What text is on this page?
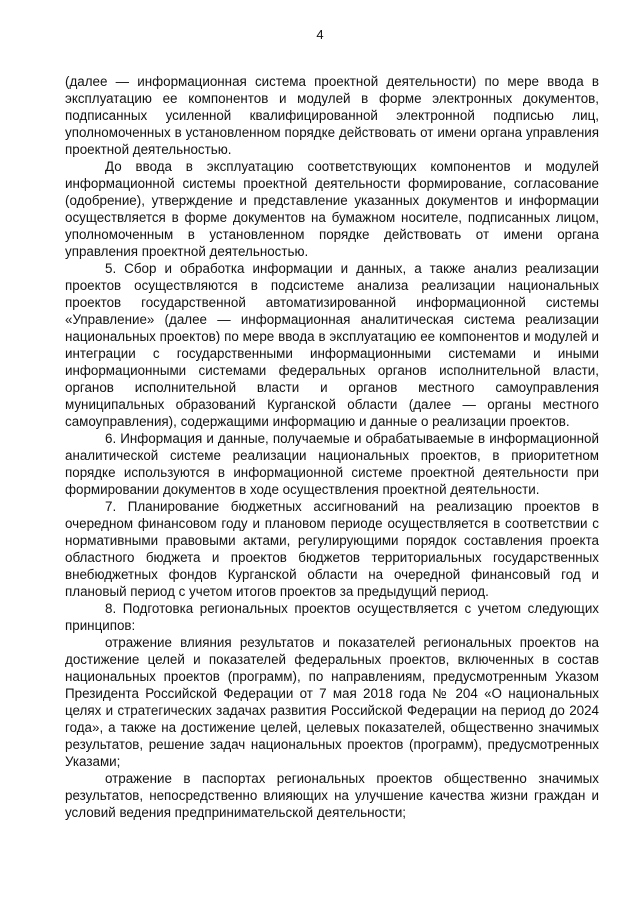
4

(далее — информационная система проектной деятельности) по мере ввода в эксплуатацию ее компонентов и модулей в форме электронных документов, подписанных усиленной квалифицированной электронной подписью лиц, уполномоченных в установленном порядке действовать от имени органа управления проектной деятельностью.

До ввода в эксплуатацию соответствующих компонентов и модулей информационной системы проектной деятельности формирование, согласование (одобрение), утверждение и представление указанных документов и информации осуществляется в форме документов на бумажном носителе, подписанных лицом, уполномоченным в установленном порядке действовать от имени органа управления проектной деятельностью.

5. Сбор и обработка информации и данных, а также анализ реализации проектов осуществляются в подсистеме анализа реализации национальных проектов государственной автоматизированной информационной системы «Управление» (далее — информационная аналитическая система реализации национальных проектов) по мере ввода в эксплуатацию ее компонентов и модулей и интеграции с государственными информационными системами и иными информационными системами федеральных органов исполнительной власти, органов исполнительной власти и органов местного самоуправления муниципальных образований Курганской области (далее — органы местного самоуправления), содержащими информацию и данные о реализации проектов.

6. Информация и данные, получаемые и обрабатываемые в информационной аналитической системе реализации национальных проектов, в приоритетном порядке используются в информационной системе проектной деятельности при формировании документов в ходе осуществления проектной деятельности.

7. Планирование бюджетных ассигнований на реализацию проектов в очередном финансовом году и плановом периоде осуществляется в соответствии с нормативными правовыми актами, регулирующими порядок составления проекта областного бюджета и проектов бюджетов территориальных государственных внебюджетных фондов Курганской области на очередной финансовый год и плановый период с учетом итогов проектов за предыдущий период.

8. Подготовка региональных проектов осуществляется с учетом следующих принципов:

отражение влияния результатов и показателей региональных проектов на достижение целей и показателей федеральных проектов, включенных в состав национальных проектов (программ), по направлениям, предусмотренным Указом Президента Российской Федерации от 7 мая 2018 года № 204 «О национальных целях и стратегических задачах развития Российской Федерации на период до 2024 года», а также на достижение целей, целевых показателей, общественно значимых результатов, решение задач национальных проектов (программ), предусмотренных Указами;

отражение в паспортах региональных проектов общественно значимых результатов, непосредственно влияющих на улучшение качества жизни граждан и условий ведения предпринимательской деятельности;
